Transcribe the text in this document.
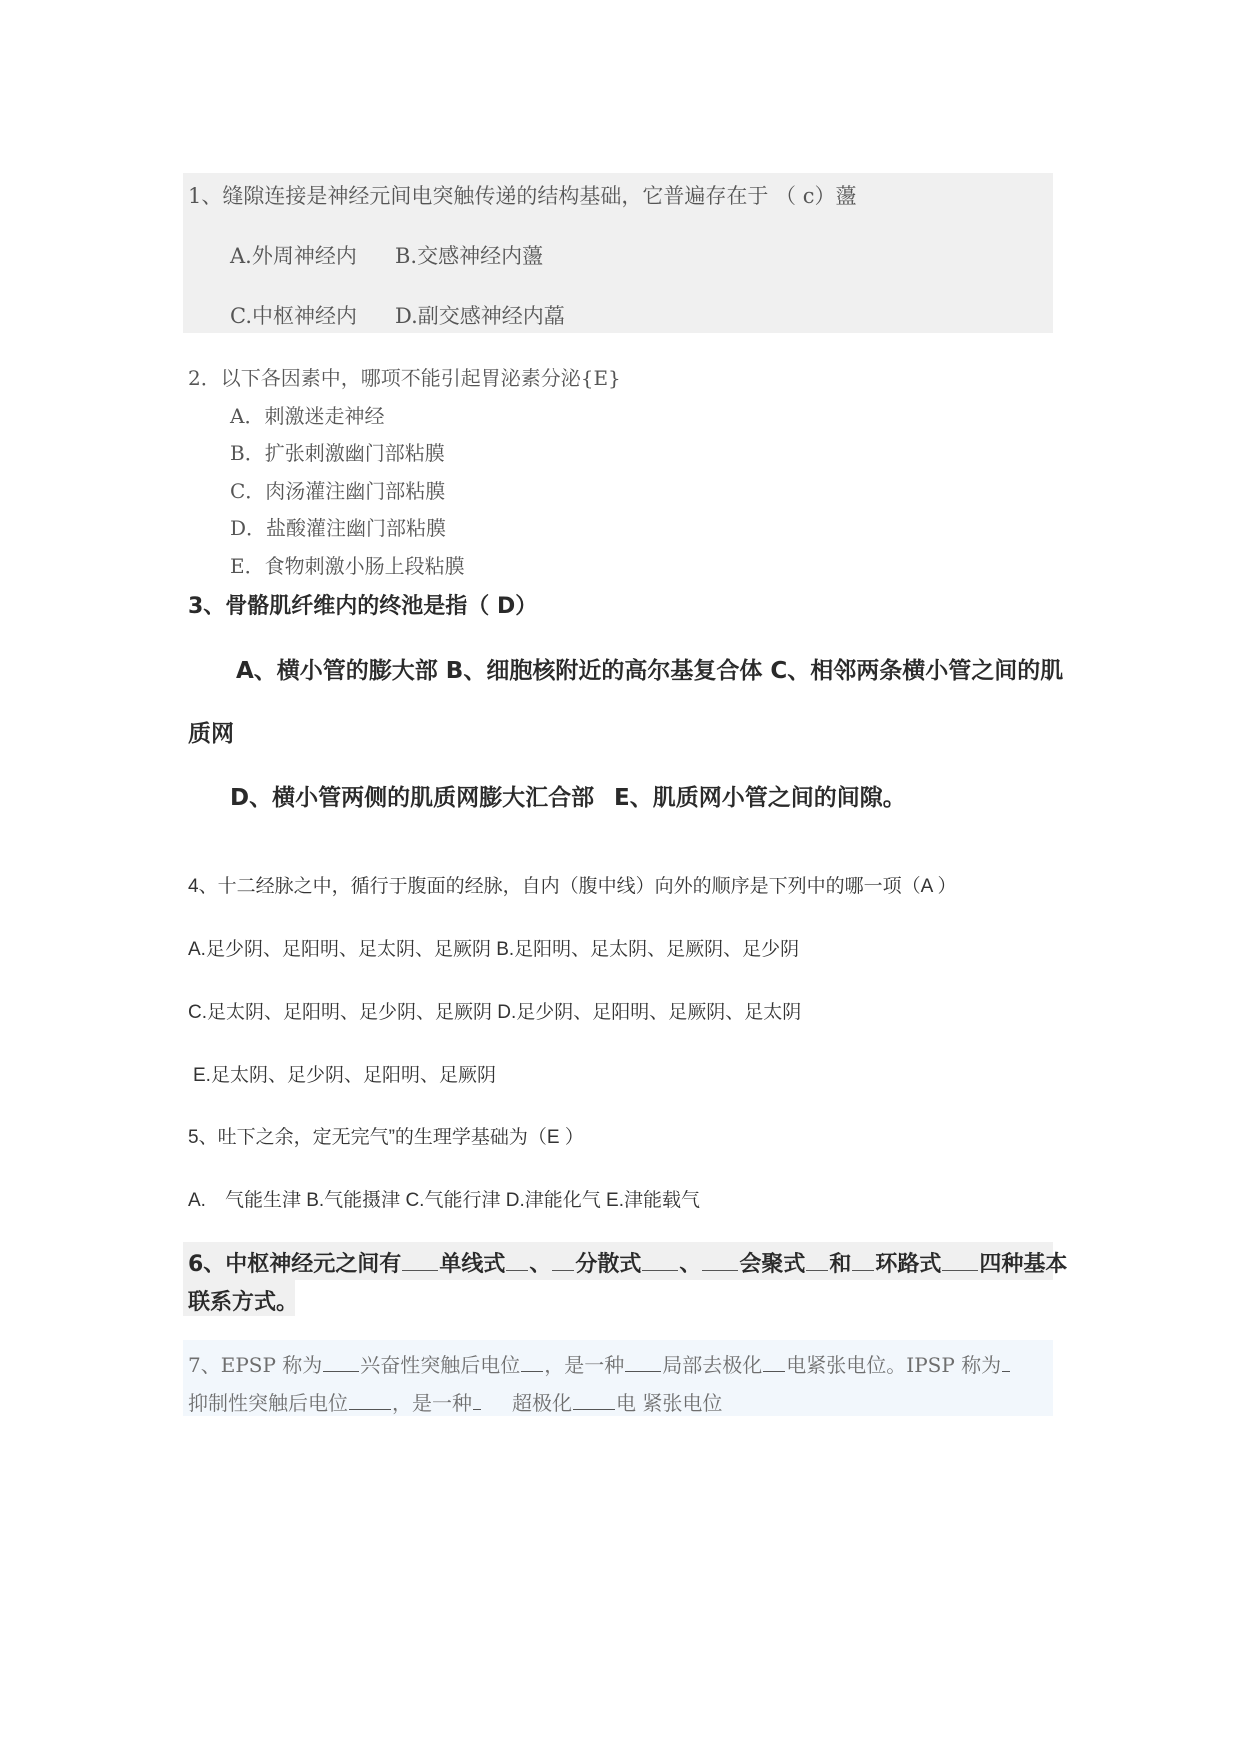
1、缝隙连接是神经元间电突触传递的结构基础，它普遍存在于 （ c）蘯
A.外周神经内 B.交感神经内蘯
C.中枢神经内 D.副交感神经内藠
2．以下各因素中，哪项不能引起胃泌素分泌{E}
A．刺激迷走神经
B．扩张刺激幽门部粘膜
C．肉汤灌注幽门部粘膜
D．盐酸灌注幽门部粘膜
E．食物刺激小肠上段粘膜
3、骨骼肌纤维内的终池是指（ D）
A、横小管的膨大部 B、细胞核附近的高尔基复合体 C、相邻两条横小管之间的肌
质网
D、横小管两侧的肌质网膨大汇合部 E、肌质网小管之间的间隙。
4、十二经脉之中，循行于腹面的经脉，自内（腹中线）向外的顺序是下列中的哪一项（A ）
A.足少阴、足阳明、足太阴、足厥阴 B.足阳明、足太阴、足厥阴、足少阴
C.足太阴、足阳明、足少阴、足厥阴 D.足少阴、足阳明、足厥阴、足太阴
E.足太阴、足少阴、足阳明、足厥阴
5、吐下之余，定无完气”的生理学基础为（E ）
A.　气能生津 B.气能摄津 C.气能行津 D.津能化气 E.津能载气
6、中枢神经元之间有 单线式 、 分散式 、 会聚式 和 环路式 四种基本
联系方式。
7、EPSP 称为 兴奋性突触后电位 ，是一种 局部去极化 电紧张电位。IPSP 称为
抑制性突触后电位 ，是一种 超极化 电 紧张电位
